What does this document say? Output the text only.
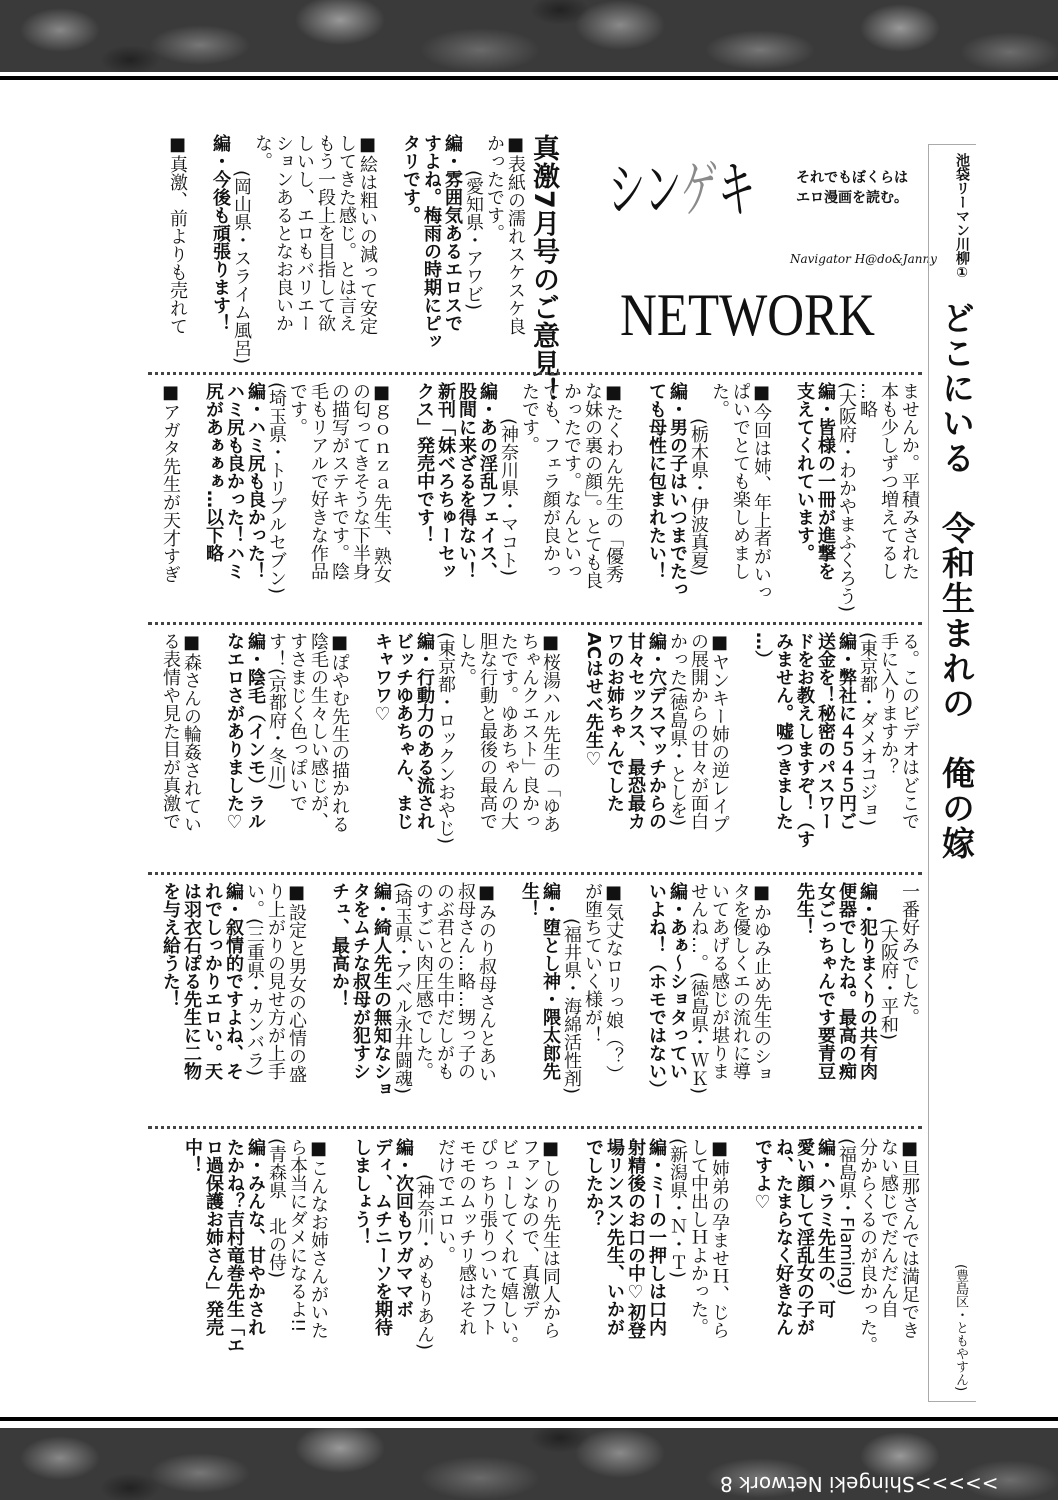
シンゲキ
NETWORK
それでもぼくらは
エロ漫画を読む。
Navigator H@do&Janny 池袋リーマン川柳①
どこにいる　令和生まれの　俺の嫁
(豊島区・ともやすん)
真激7月号のご意見！
■表紙の濡れスケスケ良
かったです。
(愛知県・アワビ)
編・雰囲気あるエロスで
すよね。梅雨の時期にピッ
タリです。
■絵は粗いの減って安定
してきた感じ。とは言え
もう一段上を目指して欲
しいし、エロもバリエー
ションあるとなお良いか
な。
(岡山県・スライム風呂)
編・今後も頑張ります！
■真激、前よりも売れて
ませんか。平積みされた
本も少しずつ増えてるし
…略
(大阪府・わかやまふくろう)
編・皆様の一冊が進撃を
支えてくれています。
■今回は姉、年上者がいっ
ぱいでとても楽しめまし
た。
(栃木県・伊波真夏)
編・男の子はいつまでたっ
ても母性に包まれたい！
■たくわん先生の「優秀
な妹の裏の顔」。とても良
かったです。なんといっ
ても、フェラ顔が良かっ
たです。
(神奈川県・マコト)
編・あの淫乱フェイス、
股間に来ざるを得ない！
新刊「妹べろちゅーセッ
クス」発売中です！
■ｇｏｎｚａ先生、熟女
の匂ってきそうな下半身
の描写がステキです。陰
毛もリアルで好きな作品
です。
(埼玉県・トリプルセブン)
編・ハミ尻も良かった！
ハミ尻も良かった！ハミ
尻があぁぁぁ…以下略
■アガタ先生が天才すぎ
る。このビデオはどこで
手に入りますか？
(東京都・ダメオコジョ)
編・弊社に４５４５円ご
送金を！秘密のパスワー
ドをお教えしますぞ！（す
みません。嘘つきました
…）
■ヤンキー姉の逆レイプ
の展開からの甘々が面白
かった(徳島県・としを)
編・穴デスマッチからの
甘々セックス、最恐最カ
ワのお姉ちゃんでした
ACはせべ先生♡
■桜湯ハル先生の「ゆあ
ちゃんクエスト」良かっ
たです。ゆあちゃんの大
胆な行動と最後の最高で
した。
(東京都・ロックンおやじ)
編・行動力のある流され
ビッチゆあちゃん、まじ
キャワワ♡
■ぽやむ先生の描かれる
陰毛の生々しい感じが、
すさまじく色っぽいで
す！(京都府・冬川)
編・陰毛（インモ）ラル
なエロさがありました♡
■森さんの輪姦されてい
る表情や見た目が真激で
一番好みでした。
(大阪府・平和)
編・犯りまくりの共有肉
便器でしたね。最高の痴
女ごっちゃんです要青豆
先生！
■かゆみ止め先生のショ
タを優しくエの流れに導
いてあげる感じが堪りま
せんね…。(徳島県・ＷＫ)
編・あぁ〜ショタってい
いよね！（ホモではない）
■気丈なロリっ娘（？）
が堕ちていく様が！
(福井県・海綿活性剤)
編・堕とし神・隈太郎先
生！
■みのり叔母さんとあい
叔母さん…略…甥っ子の
のぶ君との生中だしがも
のすごい肉圧感でした。
(埼玉県・アベル永井闘魂)
編・綺人先生の無知なショ
タをムチな叔母が犯すシ
チュ、最高か！
■設定と男女の心情の盛
り上がりの見せ方が上手
い。(三重県・カンバラ)
編・叙情的ですよね、そ
れでしっかりエロい。天
は羽衣石ぽる先生に二物
を与え給うた！
■旦那さんでは満足でき
ない感じでだんだん自
分からくるのが良かった。
(福島県・Flaming)
編・ハラミ先生の、可
愛い顔して淫乱女の子が
ね、たまらなく好きなん
ですよ♡
■姉弟の孕ませＨ、じら
して中出しＨよかった。
(新潟県・Ｎ・Ｔ)
編・ミーの一押しは口内
射精後のお口の中♡初登
場リンスン先生、いかが
でしたか？
■しのり先生は同人から
ファンなので、真激デ
ビューしてくれて嬉しい。
ぴっちり張りついたフト
モモのムッチリ感はそれ
だけでエロい。
(神奈川・めもりあん)
編・次回もワガママボ
ディ、ムチニーソを期待
しましょう！
■こんなお姉さんがいた
ら本当にダメになるよ!!
(青森県　北の侍)
編・みんな、甘やかされ
たかね？吉村竜巻先生「エ
ロ過保護お姉さん」発売
中！
>>>>>Shingeki Network 8
